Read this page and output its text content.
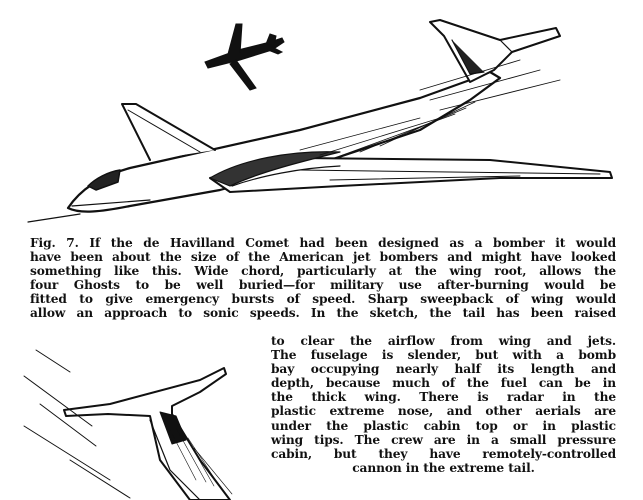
Fig. 7. If the de Havilland Comet had been designed as a bomber it would
have been about the size of the American jet bombers and might have looked
something like this. Wide chord, particularly at the wing root, allows the
four Ghosts to be well buried—for military use after-burning would be
fitted to give emergency bursts of speed. Sharp sweepback of wing would
allow an approach to sonic speeds. In the sketch, the tail has been raised
to clear the airflow from wing and jets.
The fuselage is slender, but with a bomb
bay occupying nearly half its length and
depth, because much of the fuel can be in
the thick wing. There is radar in the
plastic extreme nose, and other aerials are
under the plastic cabin top or in plastic
wing tips. The crew are in a small pressure
cabin, but they have remotely-controlled
cannon in the extreme tail.
